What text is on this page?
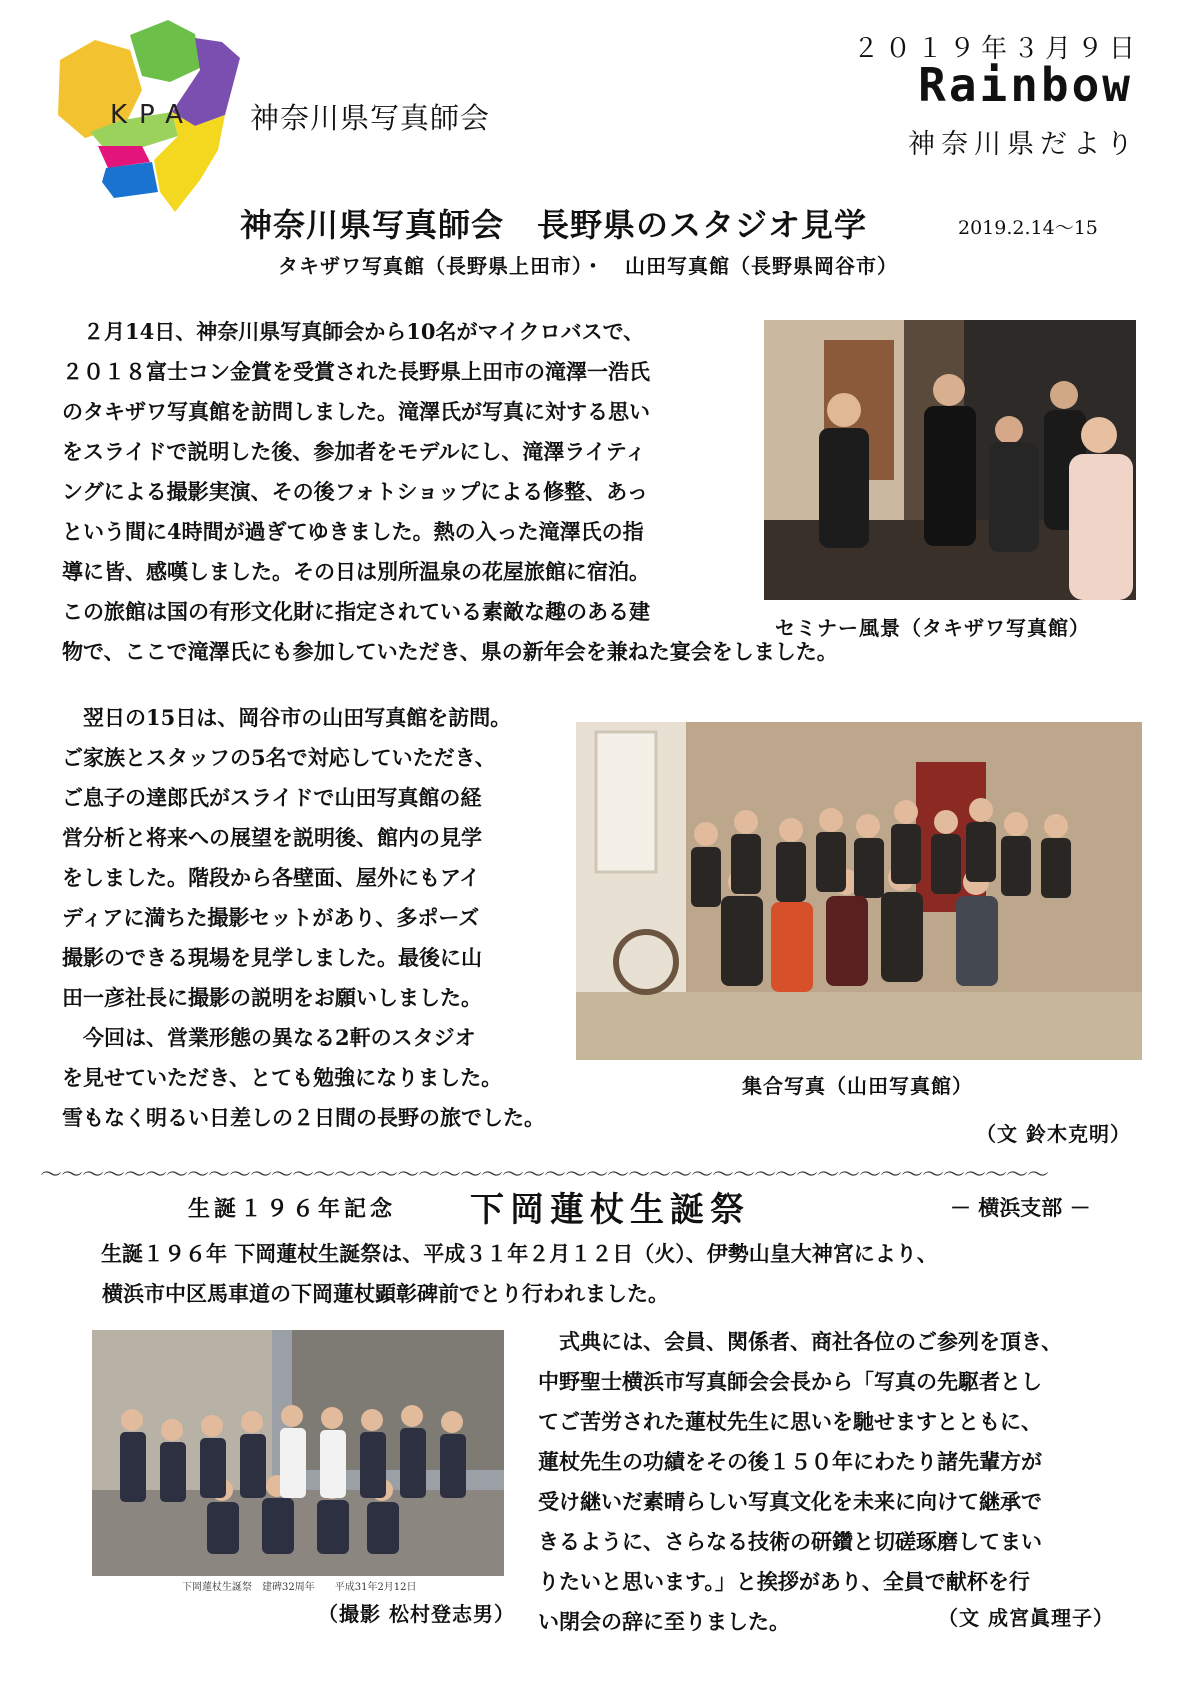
KPA 神奈川県写真師会
２０１９年３月９日
Rainbow
神奈川県だより
神奈川県写真師会　長野県のスタジオ見学	2019.2.14〜15
タキザワ写真館（長野県上田市）・　山田写真館（長野県岡谷市）
　２月14日、神奈川県写真師会から10名がマイクロバスで、
２０１８富士コン金賞を受賞された長野県上田市の滝澤一浩氏
のタキザワ写真館を訪問しました。滝澤氏が写真に対する思い
をスライドで説明した後、参加者をモデルにし、滝澤ライティ
ングによる撮影実演、その後フォトショップによる修整、あっ
という間に4時間が過ぎてゆきました。熱の入った滝澤氏の指
導に皆、感嘆しました。その日は別所温泉の花屋旅館に宿泊。
この旅館は国の有形文化財に指定されている素敵な趣のある建
物で、ここで滝澤氏にも参加していただき、県の新年会を兼ねた宴会をしました。
セミナー風景（タキザワ写真館）
　翌日の15日は、岡谷市の山田写真館を訪問。
ご家族とスタッフの5名で対応していただき、
ご息子の達郎氏がスライドで山田写真館の経
営分析と将来への展望を説明後、館内の見学
をしました。階段から各壁面、屋外にもアイ
ディアに満ちた撮影セットがあり、多ポーズ
撮影のできる現場を見学しました。最後に山
田一彦社長に撮影の説明をお願いしました。
　今回は、営業形態の異なる2軒のスタジオ
を見せていただき、とても勉強になりました。
雪もなく明るい日差しの２日間の長野の旅でした。
集合写真（山田写真館）
（文 鈴木克明）
〜〜〜〜〜〜〜〜〜〜〜〜〜〜〜〜〜〜〜〜〜〜〜〜〜〜〜〜〜〜〜〜〜〜〜〜〜〜〜〜〜〜〜〜〜〜〜〜
生誕１９６年記念 下岡蓮杖生誕祭	－ 横浜支部 －
　生誕１９６年 下岡蓮杖生誕祭は、平成３１年２月１２日（火）、伊勢山皇大神宮により、
横浜市中区馬車道の下岡蓮杖顕彰碑前でとり行われました。
下岡蓮杖生誕祭　建碑32周年　　平成31年2月12日
（撮影 松村登志男）
　式典には、会員、関係者、商社各位のご参列を頂き、
中野聖士横浜市写真師会会長から「写真の先駆者とし
てご苦労された蓮杖先生に思いを馳せますとともに、
蓮杖先生の功績をその後１５０年にわたり諸先輩方が
受け継いだ素晴らしい写真文化を未来に向けて継承で
きるように、さらなる技術の研鑽と切磋琢磨してまい
りたいと思います。」と挨拶があり、全員で献杯を行
い閉会の辞に至りました。	（文 成宮眞理子）
